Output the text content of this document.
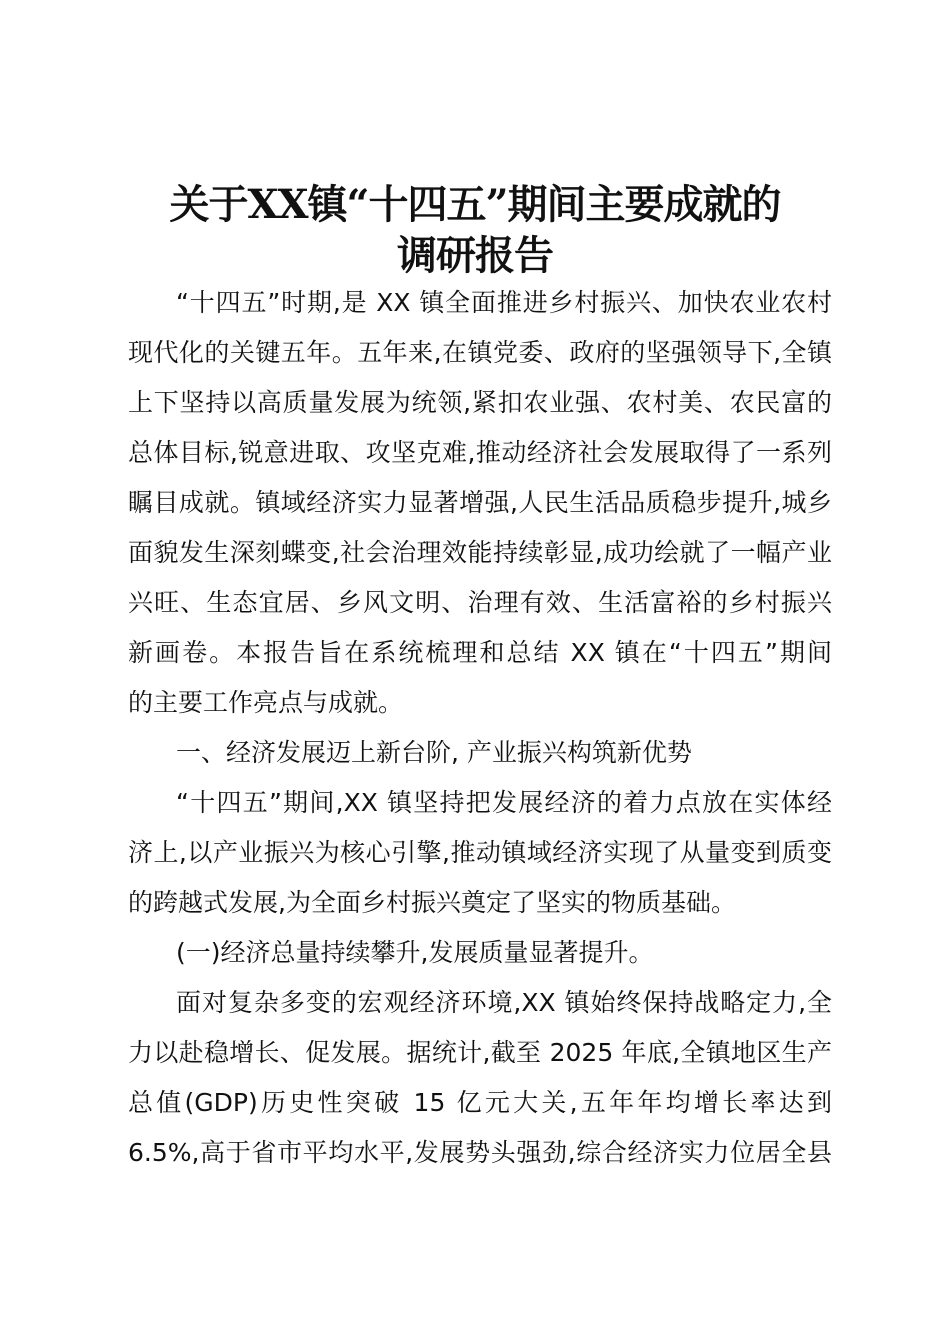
关于XX镇“十四五”期间主要成就的
调研报告
“十四五”时期,是 XX 镇全面推进乡村振兴、加快农业农村
现代化的关键五年。五年来,在镇党委、政府的坚强领导下,全镇
上下坚持以高质量发展为统领,紧扣农业强、农村美、农民富的
总体目标,锐意进取、攻坚克难,推动经济社会发展取得了一系列
瞩目成就。镇域经济实力显著增强,人民生活品质稳步提升,城乡
面貌发生深刻蝶变,社会治理效能持续彰显,成功绘就了一幅产业
兴旺、生态宜居、乡风文明、治理有效、生活富裕的乡村振兴
新画卷。本报告旨在系统梳理和总结 XX 镇在“十四五”期间
的主要工作亮点与成就。
一、经济发展迈上新台阶, 产业振兴构筑新优势
“十四五”期间,XX 镇坚持把发展经济的着力点放在实体经
济上,以产业振兴为核心引擎,推动镇域经济实现了从量变到质变
的跨越式发展,为全面乡村振兴奠定了坚实的物质基础。
(一)经济总量持续攀升,发展质量显著提升。
面对复杂多变的宏观经济环境,XX 镇始终保持战略定力,全
力以赴稳增长、促发展。据统计,截至 2025 年底,全镇地区生产
总值(GDP)历史性突破 15 亿元大关,五年年均增长率达到
6.5%,高于省市平均水平,发展势头强劲,综合经济实力位居全县
